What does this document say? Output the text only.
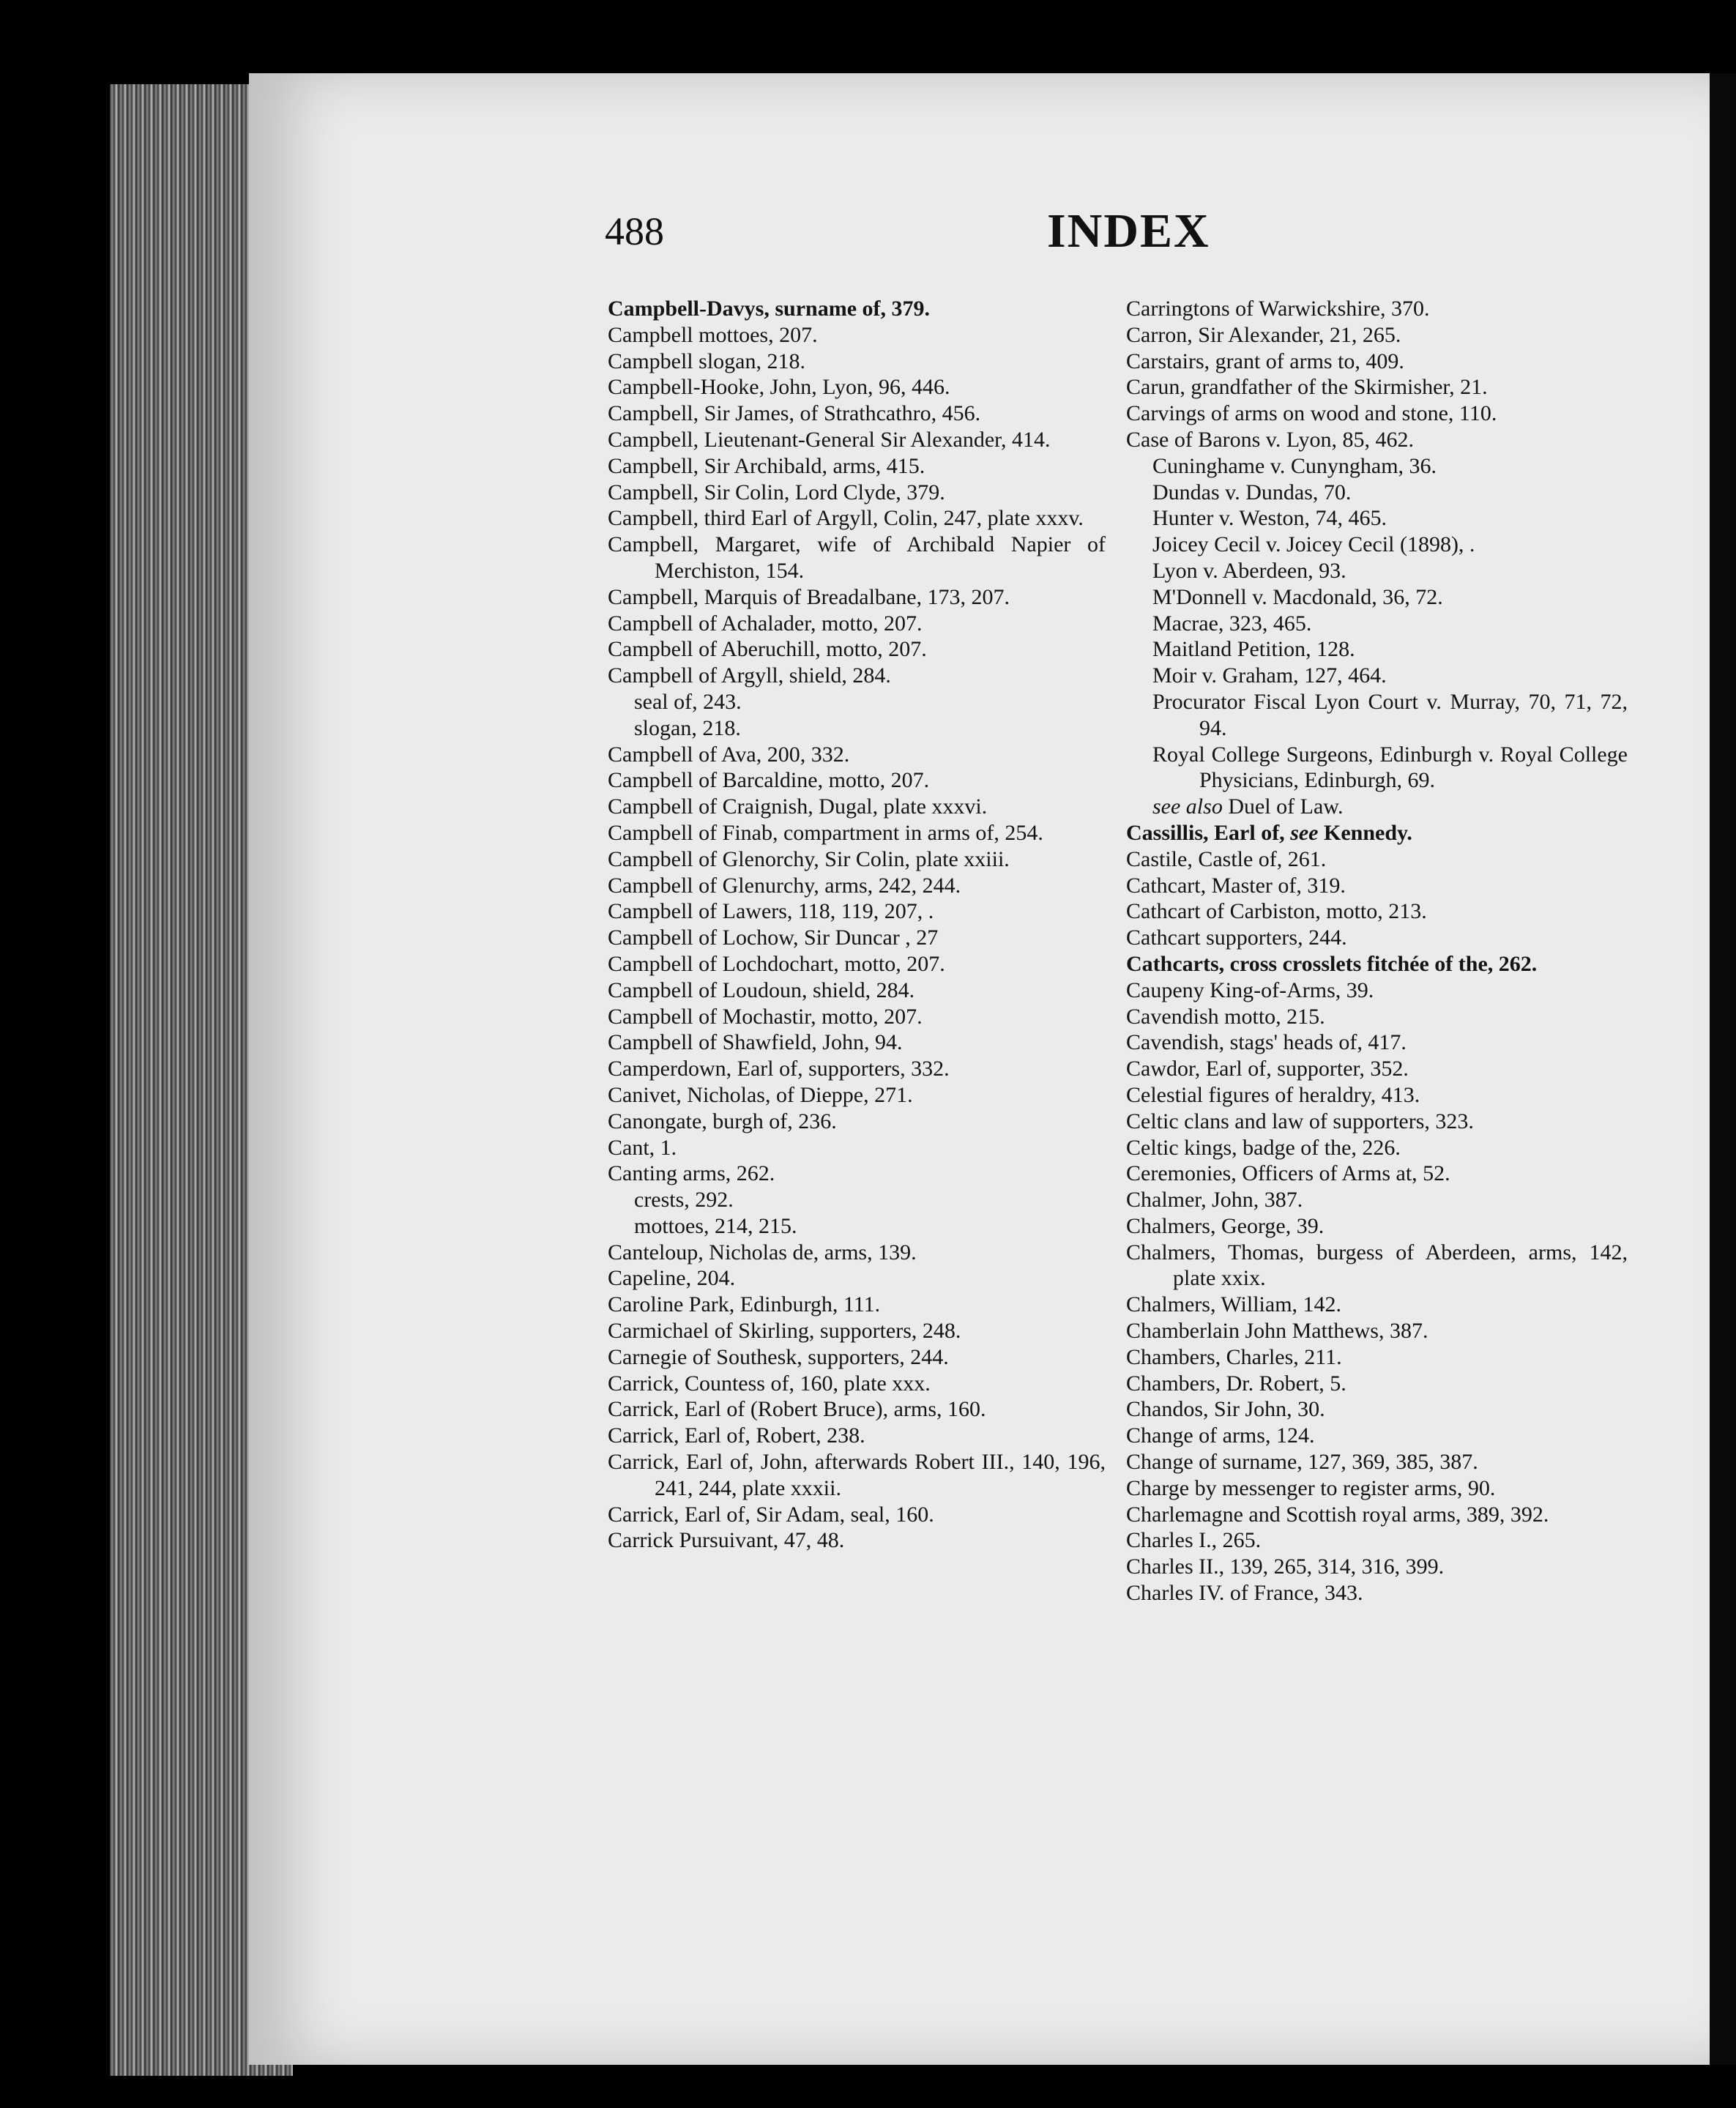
488	INDEX
Campbell-Davys, surname of, 379.
Campbell mottoes, 207.
Campbell slogan, 218.
Campbell-Hooke, John, Lyon, 96, 446.
Campbell, Sir James, of Strathcathro, 456.
Campbell, Lieutenant-General Sir Alexander, 414.
Campbell, Sir Archibald, arms, 415.
Campbell, Sir Colin, Lord Clyde, 379.
Campbell, third Earl of Argyll, Colin, 247, plate xxxv.
Campbell, Margaret, wife of Archibald Napier of Merchiston, 154.
Campbell, Marquis of Breadalbane, 173, 207.
Campbell of Achalader, motto, 207.
Campbell of Aberuchill, motto, 207.
Campbell of Argyll, shield, 284.
seal of, 243.
slogan, 218.
Campbell of Ava, 200, 332.
Campbell of Barcaldine, motto, 207.
Campbell of Craignish, Dugal, plate xxxvi.
Campbell of Finab, compartment in arms of, 254.
Campbell of Glenorchy, Sir Colin, plate xxiii.
Campbell of Glenurchy, arms, 242, 244.
Campbell of Lawers, 118, 119, 207, .
Campbell of Lochow, Sir Duncar , 27
Campbell of Lochdochart, motto, 207.
Campbell of Loudoun, shield, 284.
Campbell of Mochastir, motto, 207.
Campbell of Shawfield, John, 94.
Camperdown, Earl of, supporters, 332.
Canivet, Nicholas, of Dieppe, 271.
Canongate, burgh of, 236.
Cant, 1.
Canting arms, 262.
crests, 292.
mottoes, 214, 215.
Canteloup, Nicholas de, arms, 139.
Capeline, 204.
Caroline Park, Edinburgh, 111.
Carmichael of Skirling, supporters, 248.
Carnegie of Southesk, supporters, 244.
Carrick, Countess of, 160, plate xxx.
Carrick, Earl of (Robert Bruce), arms, 160.
Carrick, Earl of, Robert, 238.
Carrick, Earl of, John, afterwards Robert III., 140, 196, 241, 244, plate xxxii.
Carrick, Earl of, Sir Adam, seal, 160.
Carrick Pursuivant, 47, 48.
Carringtons of Warwickshire, 370.
Carron, Sir Alexander, 21, 265.
Carstairs, grant of arms to, 409.
Carun, grandfather of the Skirmisher, 21.
Carvings of arms on wood and stone, 110.
Case of Barons v. Lyon, 85, 462.
Cuninghame v. Cunyngham, 36.
Dundas v. Dundas, 70.
Hunter v. Weston, 74, 465.
Joicey Cecil v. Joicey Cecil (1898), .
Lyon v. Aberdeen, 93.
M'Donnell v. Macdonald, 36, 72.
Macrae, 323, 465.
Maitland Petition, 128.
Moir v. Graham, 127, 464.
Procurator Fiscal Lyon Court v. Murray, 70, 71, 72, 94.
Royal College Surgeons, Edinburgh v. Royal College Physicians, Edinburgh, 69.
see also Duel of Law.
Cassillis, Earl of, see Kennedy.
Castile, Castle of, 261.
Cathcart, Master of, 319.
Cathcart of Carbiston, motto, 213.
Cathcart supporters, 244.
Cathcarts, cross crosslets fitchée of the, 262.
Caupeny King-of-Arms, 39.
Cavendish motto, 215.
Cavendish, stags' heads of, 417.
Cawdor, Earl of, supporter, 352.
Celestial figures of heraldry, 413.
Celtic clans and law of supporters, 323.
Celtic kings, badge of the, 226.
Ceremonies, Officers of Arms at, 52.
Chalmer, John, 387.
Chalmers, George, 39.
Chalmers, Thomas, burgess of Aberdeen, arms, 142, plate xxix.
Chalmers, William, 142.
Chamberlain John Matthews, 387.
Chambers, Charles, 211.
Chambers, Dr. Robert, 5.
Chandos, Sir John, 30.
Change of arms, 124.
Change of surname, 127, 369, 385, 387.
Charge by messenger to register arms, 90.
Charlemagne and Scottish royal arms, 389, 392.
Charles I., 265.
Charles II., 139, 265, 314, 316, 399.
Charles IV. of France, 343.
